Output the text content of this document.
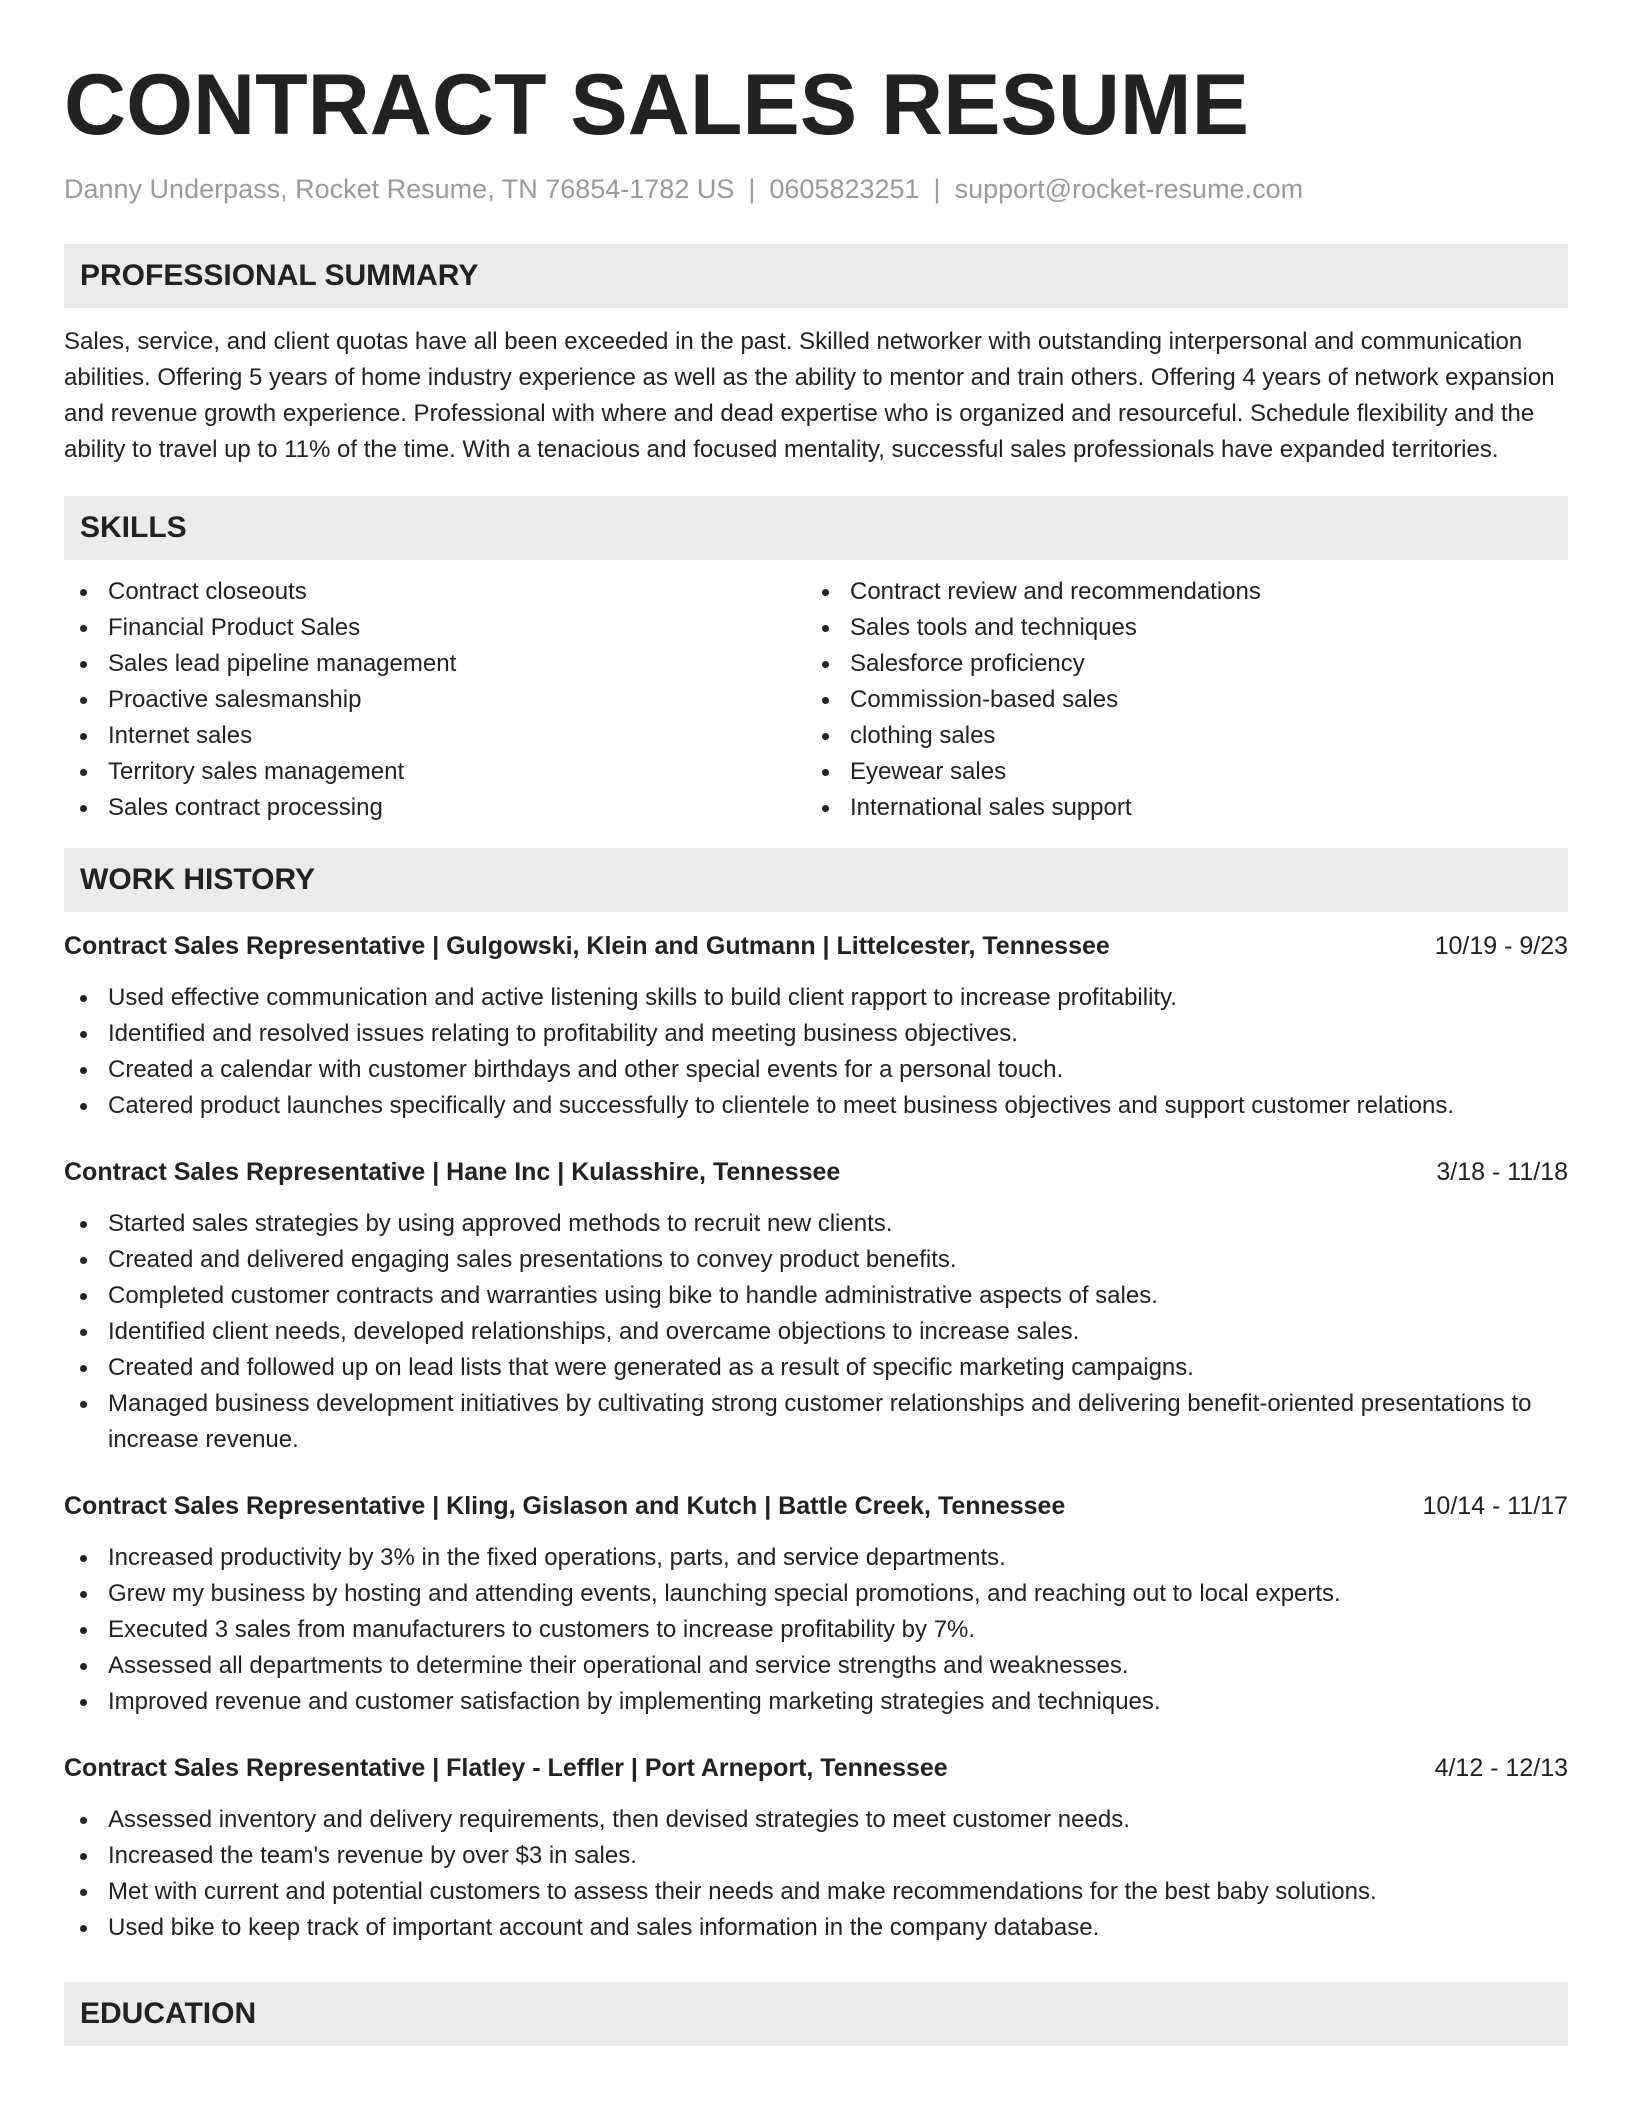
CONTRACT SALES RESUME
Danny Underpass, Rocket Resume, TN 76854-1782 US | 0605823251 | support@rocket-resume.com
PROFESSIONAL SUMMARY

Sales, service, and client quotas have all been exceeded in the past. Skilled networker with outstanding interpersonal and communication abilities. Offering 5 years of home industry experience as well as the ability to mentor and train others. Offering 4 years of network expansion and revenue growth experience. Professional with where and dead expertise who is organized and resourceful. Schedule flexibility and the ability to travel up to 11% of the time. With a tenacious and focused mentality, successful sales professionals have expanded territories.

SKILLS
Contract closeouts
Financial Product Sales
Sales lead pipeline management
Proactive salesmanship
Internet sales
Territory sales management
Sales contract processing
Contract review and recommendations
Sales tools and techniques
Salesforce proficiency
Commission-based sales
clothing sales
Eyewear sales
International sales support
WORK HISTORY
Contract Sales Representative | Gulgowski, Klein and Gutmann | Littelcester, Tennessee	10/19 - 9/23
Used effective communication and active listening skills to build client rapport to increase profitability.
Identified and resolved issues relating to profitability and meeting business objectives.
Created a calendar with customer birthdays and other special events for a personal touch.
Catered product launches specifically and successfully to clientele to meet business objectives and support customer relations.
Contract Sales Representative | Hane Inc | Kulasshire, Tennessee	3/18 - 11/18
Started sales strategies by using approved methods to recruit new clients.
Created and delivered engaging sales presentations to convey product benefits.
Completed customer contracts and warranties using bike to handle administrative aspects of sales.
Identified client needs, developed relationships, and overcame objections to increase sales.
Created and followed up on lead lists that were generated as a result of specific marketing campaigns.
Managed business development initiatives by cultivating strong customer relationships and delivering benefit-oriented presentations to increase revenue.
Contract Sales Representative | Kling, Gislason and Kutch | Battle Creek, Tennessee	10/14 - 11/17
Increased productivity by 3% in the fixed operations, parts, and service departments.
Grew my business by hosting and attending events, launching special promotions, and reaching out to local experts.
Executed 3 sales from manufacturers to customers to increase profitability by 7%.
Assessed all departments to determine their operational and service strengths and weaknesses.
Improved revenue and customer satisfaction by implementing marketing strategies and techniques.
Contract Sales Representative | Flatley - Leffler | Port Arneport, Tennessee	4/12 - 12/13
Assessed inventory and delivery requirements, then devised strategies to meet customer needs.
Increased the team's revenue by over $3 in sales.
Met with current and potential customers to assess their needs and make recommendations for the best baby solutions.
Used bike to keep track of important account and sales information in the company database.
EDUCATION
